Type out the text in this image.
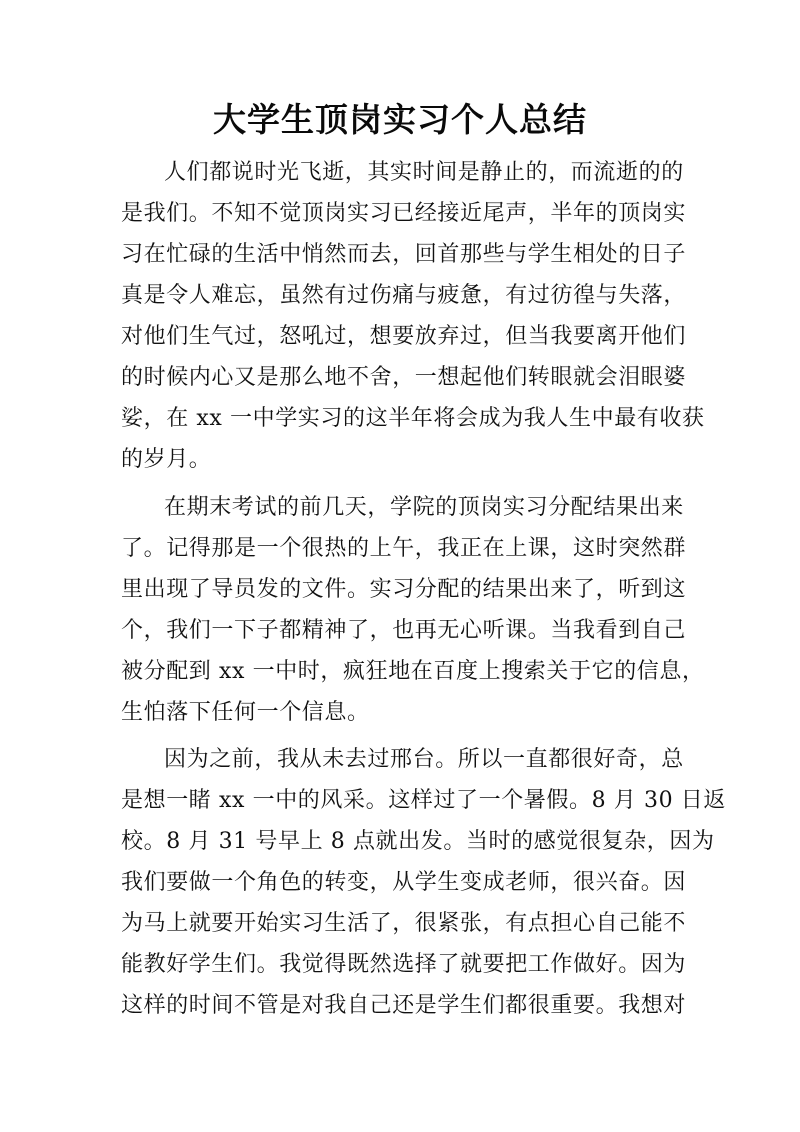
大学生顶岗实习个人总结
人们都说时光飞逝，其实时间是静止的，而流逝的的
是我们。不知不觉顶岗实习已经接近尾声，半年的顶岗实
习在忙碌的生活中悄然而去，回首那些与学生相处的日子
真是令人难忘，虽然有过伤痛与疲惫，有过彷徨与失落，
对他们生气过，怒吼过，想要放弃过，但当我要离开他们
的时候内心又是那么地不舍，一想起他们转眼就会泪眼婆
娑，在 xx 一中学实习的这半年将会成为我人生中最有收获
的岁月。
在期末考试的前几天，学院的顶岗实习分配结果出来
了。记得那是一个很热的上午，我正在上课，这时突然群
里出现了导员发的文件。实习分配的结果出来了，听到这
个，我们一下子都精神了，也再无心听课。当我看到自己
被分配到 xx 一中时，疯狂地在百度上搜索关于它的信息，
生怕落下任何一个信息。
因为之前，我从未去过邢台。所以一直都很好奇，总
是想一睹 xx 一中的风采。这样过了一个暑假。8 月 30 日返
校。8 月 31 号早上 8 点就出发。当时的感觉很复杂，因为
我们要做一个角色的转变，从学生变成老师，很兴奋。因
为马上就要开始实习生活了，很紧张，有点担心自己能不
能教好学生们。我觉得既然选择了就要把工作做好。因为
这样的时间不管是对我自己还是学生们都很重要。我想对
